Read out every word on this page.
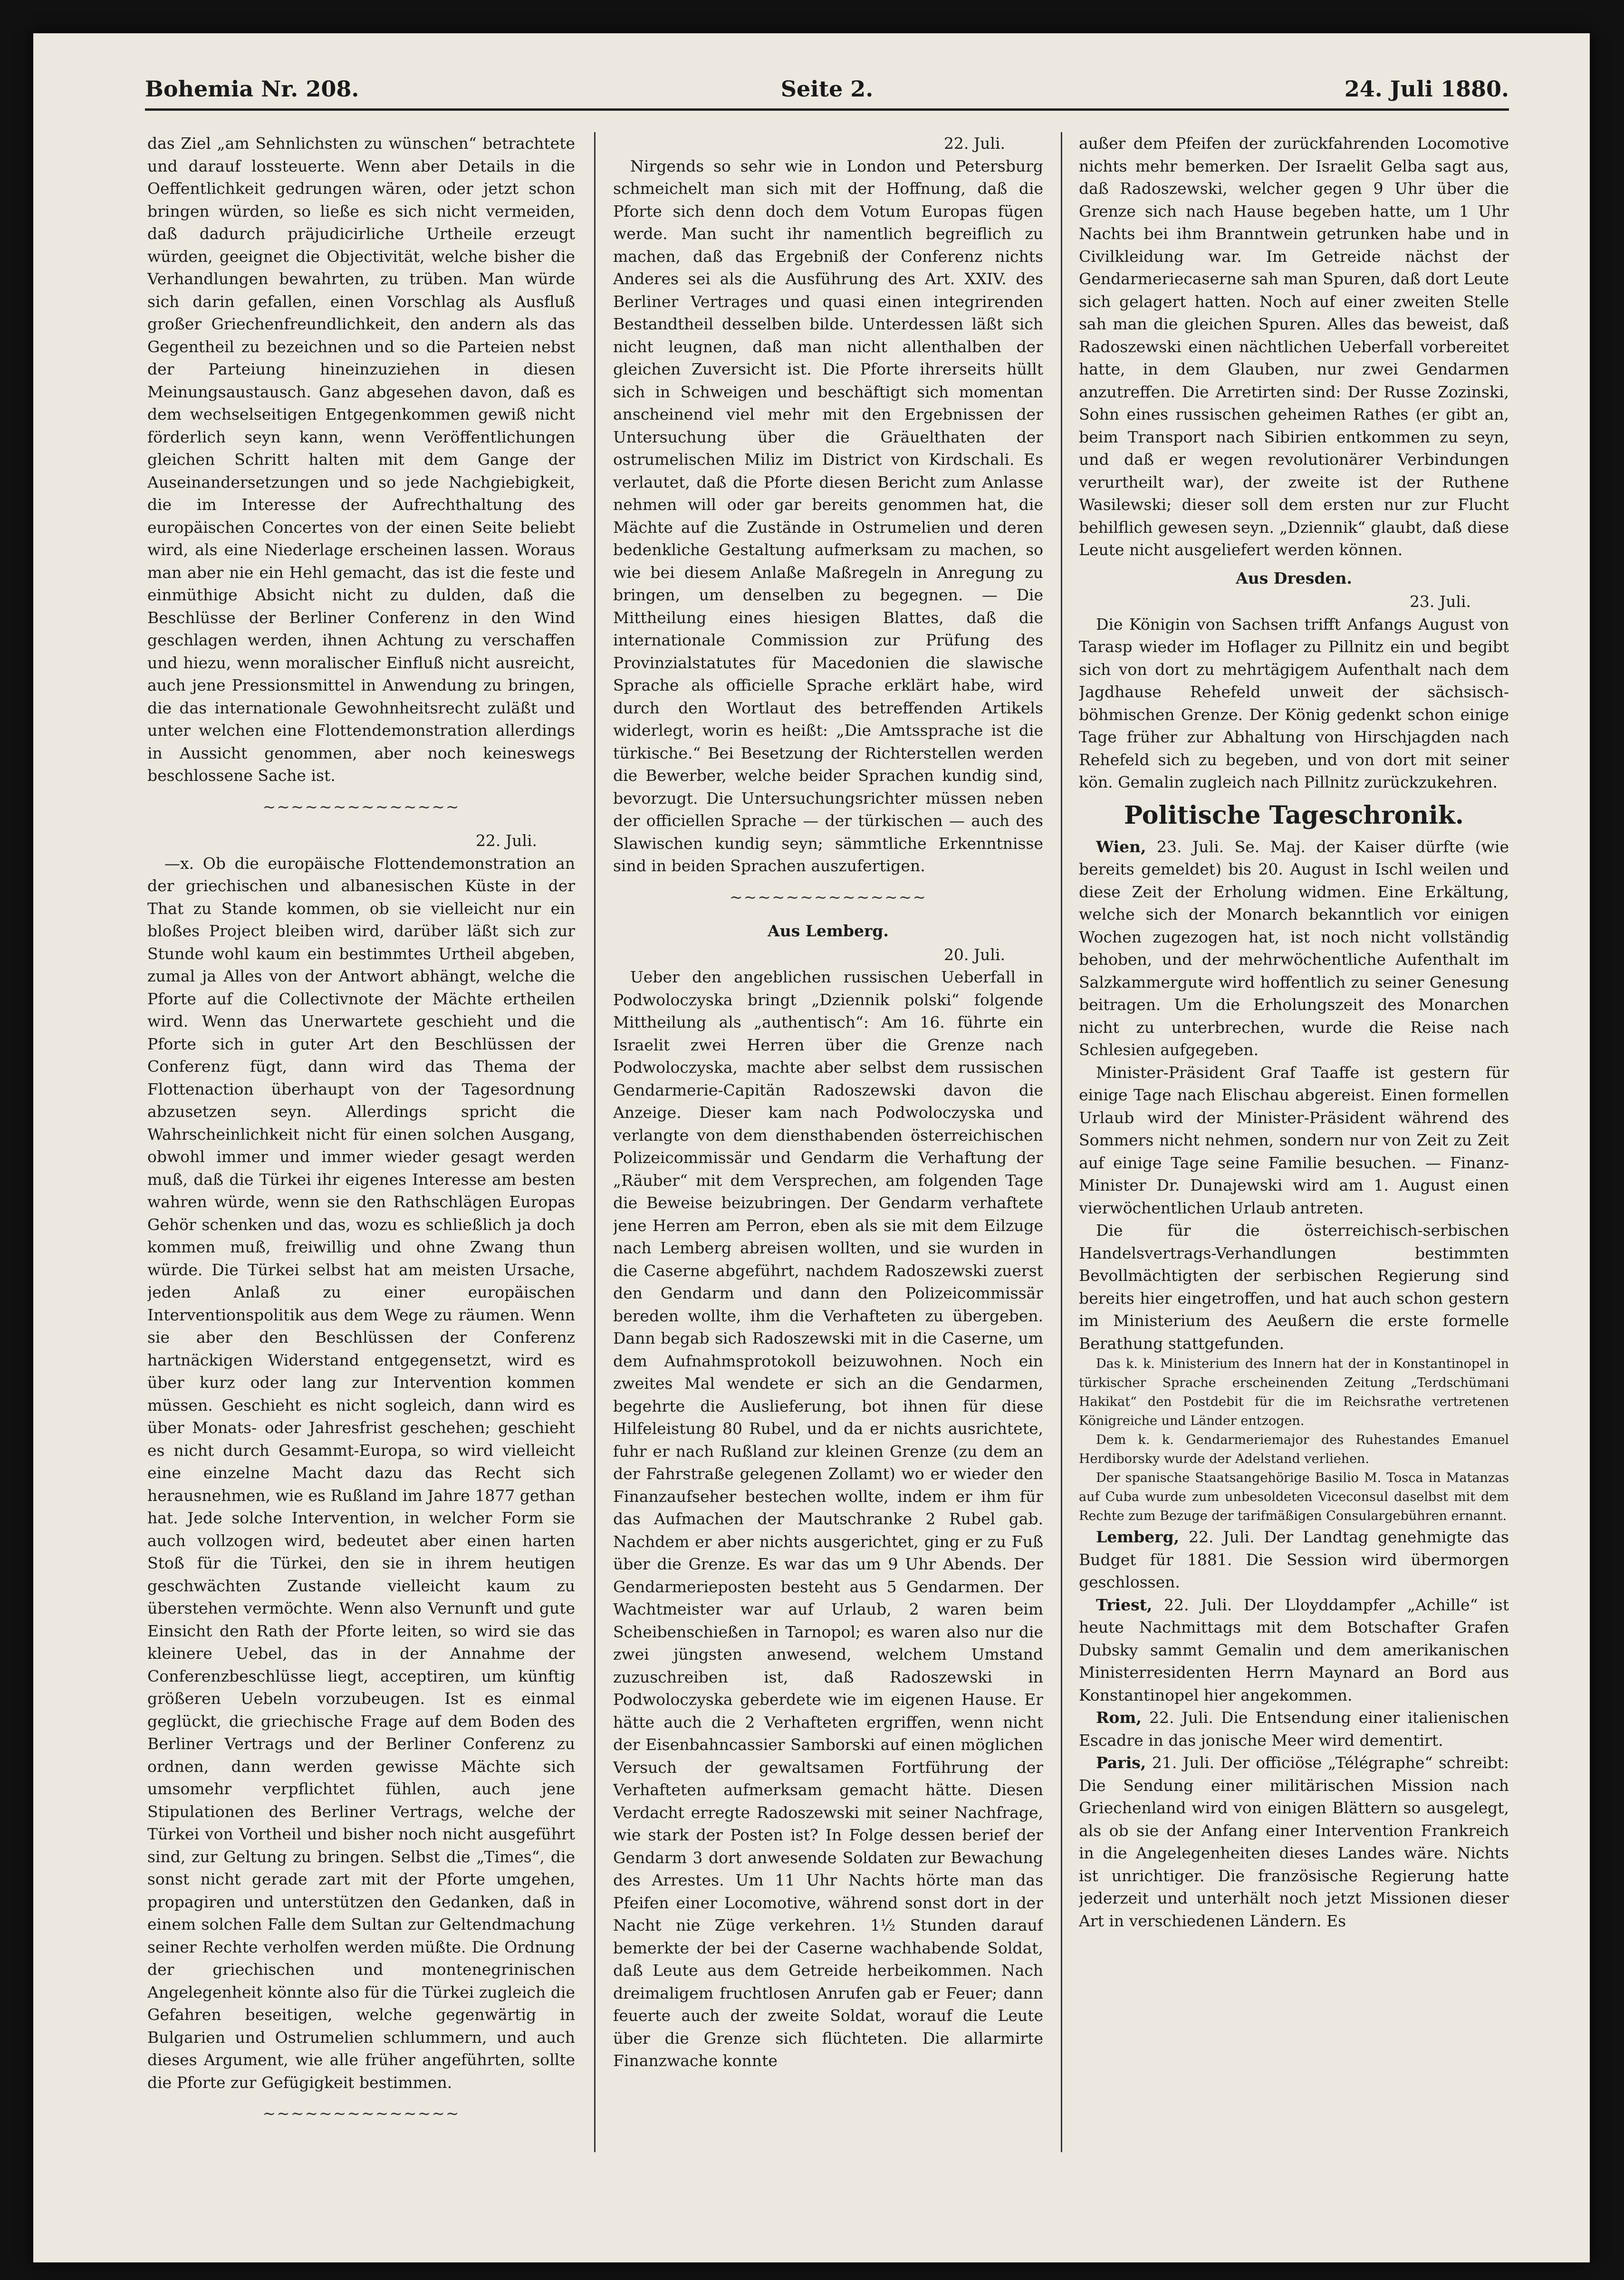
Bohemia Nr. 208.	Seite 2.	24. Juli 1880.

das Ziel „am Sehnlichsten zu wünschen“ betrachtete und darauf lossteuerte. Wenn aber Details in die Oeffentlichkeit gedrungen wären, oder jetzt schon bringen würden, so ließe es sich nicht vermeiden, daß dadurch präjudicirliche Urtheile erzeugt würden, geeignet die Objectivität, welche bisher die Verhandlungen bewahrten, zu trüben. Man würde sich darin gefallen, einen Vorschlag als Ausfluß großer Griechenfreundlichkeit, den andern als das Gegentheil zu bezeichnen und so die Parteien nebst der Parteiung hineinzuziehen in diesen Meinungsaustausch. Ganz abgesehen davon, daß es dem wechselseitigen Entgegenkommen gewiß nicht förderlich seyn kann, wenn Veröffentlichungen gleichen Schritt halten mit dem Gange der Auseinandersetzungen und so jede Nachgiebigkeit, die im Interesse der Aufrechthaltung des europäischen Concertes von der einen Seite beliebt wird, als eine Niederlage erscheinen lassen. Woraus man aber nie ein Hehl gemacht, das ist die feste und einmüthige Absicht nicht zu dulden, daß die Beschlüsse der Berliner Conferenz in den Wind geschlagen werden, ihnen Achtung zu verschaffen und hiezu, wenn moralischer Einfluß nicht ausreicht, auch jene Pressionsmittel in Anwendung zu bringen, die das internationale Gewohnheitsrecht zuläßt und unter welchen eine Flottendemonstration allerdings in Aussicht genommen, aber noch keineswegs beschlossene Sache ist.

~~~~~~~~~~~~~~

22. Juli.

—x. Ob die europäische Flottendemonstration an der griechischen und albanesischen Küste in der That zu Stande kommen, ob sie vielleicht nur ein bloßes Project bleiben wird, darüber läßt sich zur Stunde wohl kaum ein bestimmtes Urtheil abgeben, zumal ja Alles von der Antwort abhängt, welche die Pforte auf die Collectivnote der Mächte ertheilen wird. Wenn das Unerwartete geschieht und die Pforte sich in guter Art den Beschlüssen der Conferenz fügt, dann wird das Thema der Flottenaction überhaupt von der Tagesordnung abzusetzen seyn. Allerdings spricht die Wahrscheinlichkeit nicht für einen solchen Ausgang, obwohl immer und immer wieder gesagt werden muß, daß die Türkei ihr eigenes Interesse am besten wahren würde, wenn sie den Rathschlägen Europas Gehör schenken und das, wozu es schließlich ja doch kommen muß, freiwillig und ohne Zwang thun würde. Die Türkei selbst hat am meisten Ursache, jeden Anlaß zu einer europäischen Interventionspolitik aus dem Wege zu räumen. Wenn sie aber den Beschlüssen der Conferenz hartnäckigen Widerstand entgegensetzt, wird es über kurz oder lang zur Intervention kommen müssen. Geschieht es nicht sogleich, dann wird es über Monats- oder Jahresfrist geschehen; geschieht es nicht durch Gesammt-Europa, so wird vielleicht eine einzelne Macht dazu das Recht sich herausnehmen, wie es Rußland im Jahre 1877 gethan hat. Jede solche Intervention, in welcher Form sie auch vollzogen wird, bedeutet aber einen harten Stoß für die Türkei, den sie in ihrem heutigen geschwächten Zustande vielleicht kaum zu überstehen vermöchte. Wenn also Vernunft und gute Einsicht den Rath der Pforte leiten, so wird sie das kleinere Uebel, das in der Annahme der Conferenzbeschlüsse liegt, acceptiren, um künftig größeren Uebeln vorzubeugen. Ist es einmal geglückt, die griechische Frage auf dem Boden des Berliner Vertrags und der Berliner Conferenz zu ordnen, dann werden gewisse Mächte sich umsomehr verpflichtet fühlen, auch jene Stipulationen des Berliner Vertrags, welche der Türkei von Vortheil und bisher noch nicht ausgeführt sind, zur Geltung zu bringen. Selbst die „Times“, die sonst nicht gerade zart mit der Pforte umgehen, propagiren und unterstützen den Gedanken, daß in einem solchen Falle dem Sultan zur Geltendmachung seiner Rechte verholfen werden müßte. Die Ordnung der griechischen und montenegrinischen Angelegenheit könnte also für die Türkei zugleich die Gefahren beseitigen, welche gegenwärtig in Bulgarien und Ostrumelien schlummern, und auch dieses Argument, wie alle früher angeführten, sollte die Pforte zur Gefügigkeit bestimmen.

~~~~~~~~~~~~~~

22. Juli.

Nirgends so sehr wie in London und Petersburg schmeichelt man sich mit der Hoffnung, daß die Pforte sich denn doch dem Votum Europas fügen werde. Man sucht ihr namentlich begreiflich zu machen, daß das Ergebniß der Conferenz nichts Anderes sei als die Ausführung des Art. XXIV. des Berliner Vertrages und quasi einen integrirenden Bestandtheil desselben bilde. Unterdessen läßt sich nicht leugnen, daß man nicht allenthalben der gleichen Zuversicht ist. Die Pforte ihrerseits hüllt sich in Schweigen und beschäftigt sich momentan anscheinend viel mehr mit den Ergebnissen der Untersuchung über die Gräuelthaten der ostrumelischen Miliz im District von Kirdschali. Es verlautet, daß die Pforte diesen Bericht zum Anlasse nehmen will oder gar bereits genommen hat, die Mächte auf die Zustände in Ostrumelien und deren bedenkliche Gestaltung aufmerksam zu machen, so wie bei diesem Anlaße Maßregeln in Anregung zu bringen, um denselben zu begegnen. — Die Mittheilung eines hiesigen Blattes, daß die internationale Commission zur Prüfung des Provinzialstatutes für Macedonien die slawische Sprache als officielle Sprache erklärt habe, wird durch den Wortlaut des betreffenden Artikels widerlegt, worin es heißt: „Die Amtssprache ist die türkische.“ Bei Besetzung der Richterstellen werden die Bewerber, welche beider Sprachen kundig sind, bevorzugt. Die Untersuchungsrichter müssen neben der officiellen Sprache — der türkischen — auch des Slawischen kundig seyn; sämmtliche Erkenntnisse sind in beiden Sprachen auszufertigen.

~~~~~~~~~~~~~~
Aus Lemberg.

20. Juli.

Ueber den angeblichen russischen Ueberfall in Podwoloczyska bringt „Dziennik polski“ folgende Mittheilung als „authentisch“: Am 16. führte ein Israelit zwei Herren über die Grenze nach Podwoloczyska, machte aber selbst dem russischen Gendarmerie-Capitän Radoszewski davon die Anzeige. Dieser kam nach Podwoloczyska und verlangte von dem diensthabenden österreichischen Polizeicommissär und Gendarm die Verhaftung der „Räuber“ mit dem Versprechen, am folgenden Tage die Beweise beizubringen. Der Gendarm verhaftete jene Herren am Perron, eben als sie mit dem Eilzuge nach Lemberg abreisen wollten, und sie wurden in die Caserne abgeführt, nachdem Radoszewski zuerst den Gendarm und dann den Polizeicommissär bereden wollte, ihm die Verhafteten zu übergeben. Dann begab sich Radoszewski mit in die Caserne, um dem Aufnahmsprotokoll beizuwohnen. Noch ein zweites Mal wendete er sich an die Gendarmen, begehrte die Auslieferung, bot ihnen für diese Hilfeleistung 80 Rubel, und da er nichts ausrichtete, fuhr er nach Rußland zur kleinen Grenze (zu dem an der Fahrstraße gelegenen Zollamt) wo er wieder den Finanzaufseher bestechen wollte, indem er ihm für das Aufmachen der Mautschranke 2 Rubel gab. Nachdem er aber nichts ausgerichtet, ging er zu Fuß über die Grenze. Es war das um 9 Uhr Abends. Der Gendarmerieposten besteht aus 5 Gendarmen. Der Wachtmeister war auf Urlaub, 2 waren beim Scheibenschießen in Tarnopol; es waren also nur die zwei jüngsten anwesend, welchem Umstand zuzuschreiben ist, daß Radoszewski in Podwoloczyska geberdete wie im eigenen Hause. Er hätte auch die 2 Verhafteten ergriffen, wenn nicht der Eisenbahncassier Samborski auf einen möglichen Versuch der gewaltsamen Fortführung der Verhafteten aufmerksam gemacht hätte. Diesen Verdacht erregte Radoszewski mit seiner Nachfrage, wie stark der Posten ist? In Folge dessen berief der Gendarm 3 dort anwesende Soldaten zur Bewachung des Arrestes. Um 11 Uhr Nachts hörte man das Pfeifen einer Locomotive, während sonst dort in der Nacht nie Züge verkehren. 1½ Stunden darauf bemerkte der bei der Caserne wachhabende Soldat, daß Leute aus dem Getreide herbeikommen. Nach dreimaligem fruchtlosen Anrufen gab er Feuer; dann feuerte auch der zweite Soldat, worauf die Leute über die Grenze sich flüchteten. Die allarmirte Finanzwache konnte

außer dem Pfeifen der zurückfahrenden Locomotive nichts mehr bemerken. Der Israelit Gelba sagt aus, daß Radoszewski, welcher gegen 9 Uhr über die Grenze sich nach Hause begeben hatte, um 1 Uhr Nachts bei ihm Branntwein getrunken habe und in Civilkleidung war. Im Getreide nächst der Gendarmeriecaserne sah man Spuren, daß dort Leute sich gelagert hatten. Noch auf einer zweiten Stelle sah man die gleichen Spuren. Alles das beweist, daß Radoszewski einen nächtlichen Ueberfall vorbereitet hatte, in dem Glauben, nur zwei Gendarmen anzutreffen. Die Arretirten sind: Der Russe Zozinski, Sohn eines russischen geheimen Rathes (er gibt an, beim Transport nach Sibirien entkommen zu seyn, und daß er wegen revolutionärer Verbindungen verurtheilt war), der zweite ist der Ruthene Wasilewski; dieser soll dem ersten nur zur Flucht behilflich gewesen seyn. „Dziennik“ glaubt, daß diese Leute nicht ausgeliefert werden können.

Aus Dresden.

23. Juli.

Die Königin von Sachsen trifft Anfangs August von Tarasp wieder im Hoflager zu Pillnitz ein und begibt sich von dort zu mehrtägigem Aufenthalt nach dem Jagdhause Rehefeld unweit der sächsisch-böhmischen Grenze. Der König gedenkt schon einige Tage früher zur Abhaltung von Hirschjagden nach Rehefeld sich zu begeben, und von dort mit seiner kön. Gemalin zugleich nach Pillnitz zurückzukehren.

Politische Tageschronik.

Wien, 23. Juli. Se. Maj. der Kaiser dürfte (wie bereits gemeldet) bis 20. August in Ischl weilen und diese Zeit der Erholung widmen. Eine Erkältung, welche sich der Monarch bekanntlich vor einigen Wochen zugezogen hat, ist noch nicht vollständig behoben, und der mehrwöchentliche Aufenthalt im Salzkammergute wird hoffentlich zu seiner Genesung beitragen. Um die Erholungszeit des Monarchen nicht zu unterbrechen, wurde die Reise nach Schlesien aufgegeben.

Minister-Präsident Graf Taaffe ist gestern für einige Tage nach Elischau abgereist. Einen formellen Urlaub wird der Minister-Präsident während des Sommers nicht nehmen, sondern nur von Zeit zu Zeit auf einige Tage seine Familie besuchen. — Finanz-Minister Dr. Dunajewski wird am 1. August einen vierwöchentlichen Urlaub antreten.

Die für die österreichisch-serbischen Handelsvertrags-Verhandlungen bestimmten Bevollmächtigten der serbischen Regierung sind bereits hier eingetroffen, und hat auch schon gestern im Ministerium des Aeußern die erste formelle Berathung stattgefunden.

Das k. k. Ministerium des Innern hat der in Konstantinopel in türkischer Sprache erscheinenden Zeitung „Terdschümani Hakikat“ den Postdebit für die im Reichsrathe vertretenen Königreiche und Länder entzogen.

Dem k. k. Gendarmeriemajor des Ruhestandes Emanuel Herdiborsky wurde der Adelstand verliehen.

Der spanische Staatsangehörige Basilio M. Tosca in Matanzas auf Cuba wurde zum unbesoldeten Viceconsul daselbst mit dem Rechte zum Bezuge der tarifmäßigen Consulargebühren ernannt.

Lemberg, 22. Juli. Der Landtag genehmigte das Budget für 1881. Die Session wird übermorgen geschlossen.

Triest, 22. Juli. Der Lloyddampfer „Achille“ ist heute Nachmittags mit dem Botschafter Grafen Dubsky sammt Gemalin und dem amerikanischen Ministerresidenten Herrn Maynard an Bord aus Konstantinopel hier angekommen.

Rom, 22. Juli. Die Entsendung einer italienischen Escadre in das jonische Meer wird dementirt.

Paris, 21. Juli. Der officiöse „Télégraphe“ schreibt: Die Sendung einer militärischen Mission nach Griechenland wird von einigen Blättern so ausgelegt, als ob sie der Anfang einer Intervention Frankreich in die Angelegenheiten dieses Landes wäre. Nichts ist unrichtiger. Die französische Regierung hatte jederzeit und unterhält noch jetzt Missionen dieser Art in verschiedenen Ländern. Es
